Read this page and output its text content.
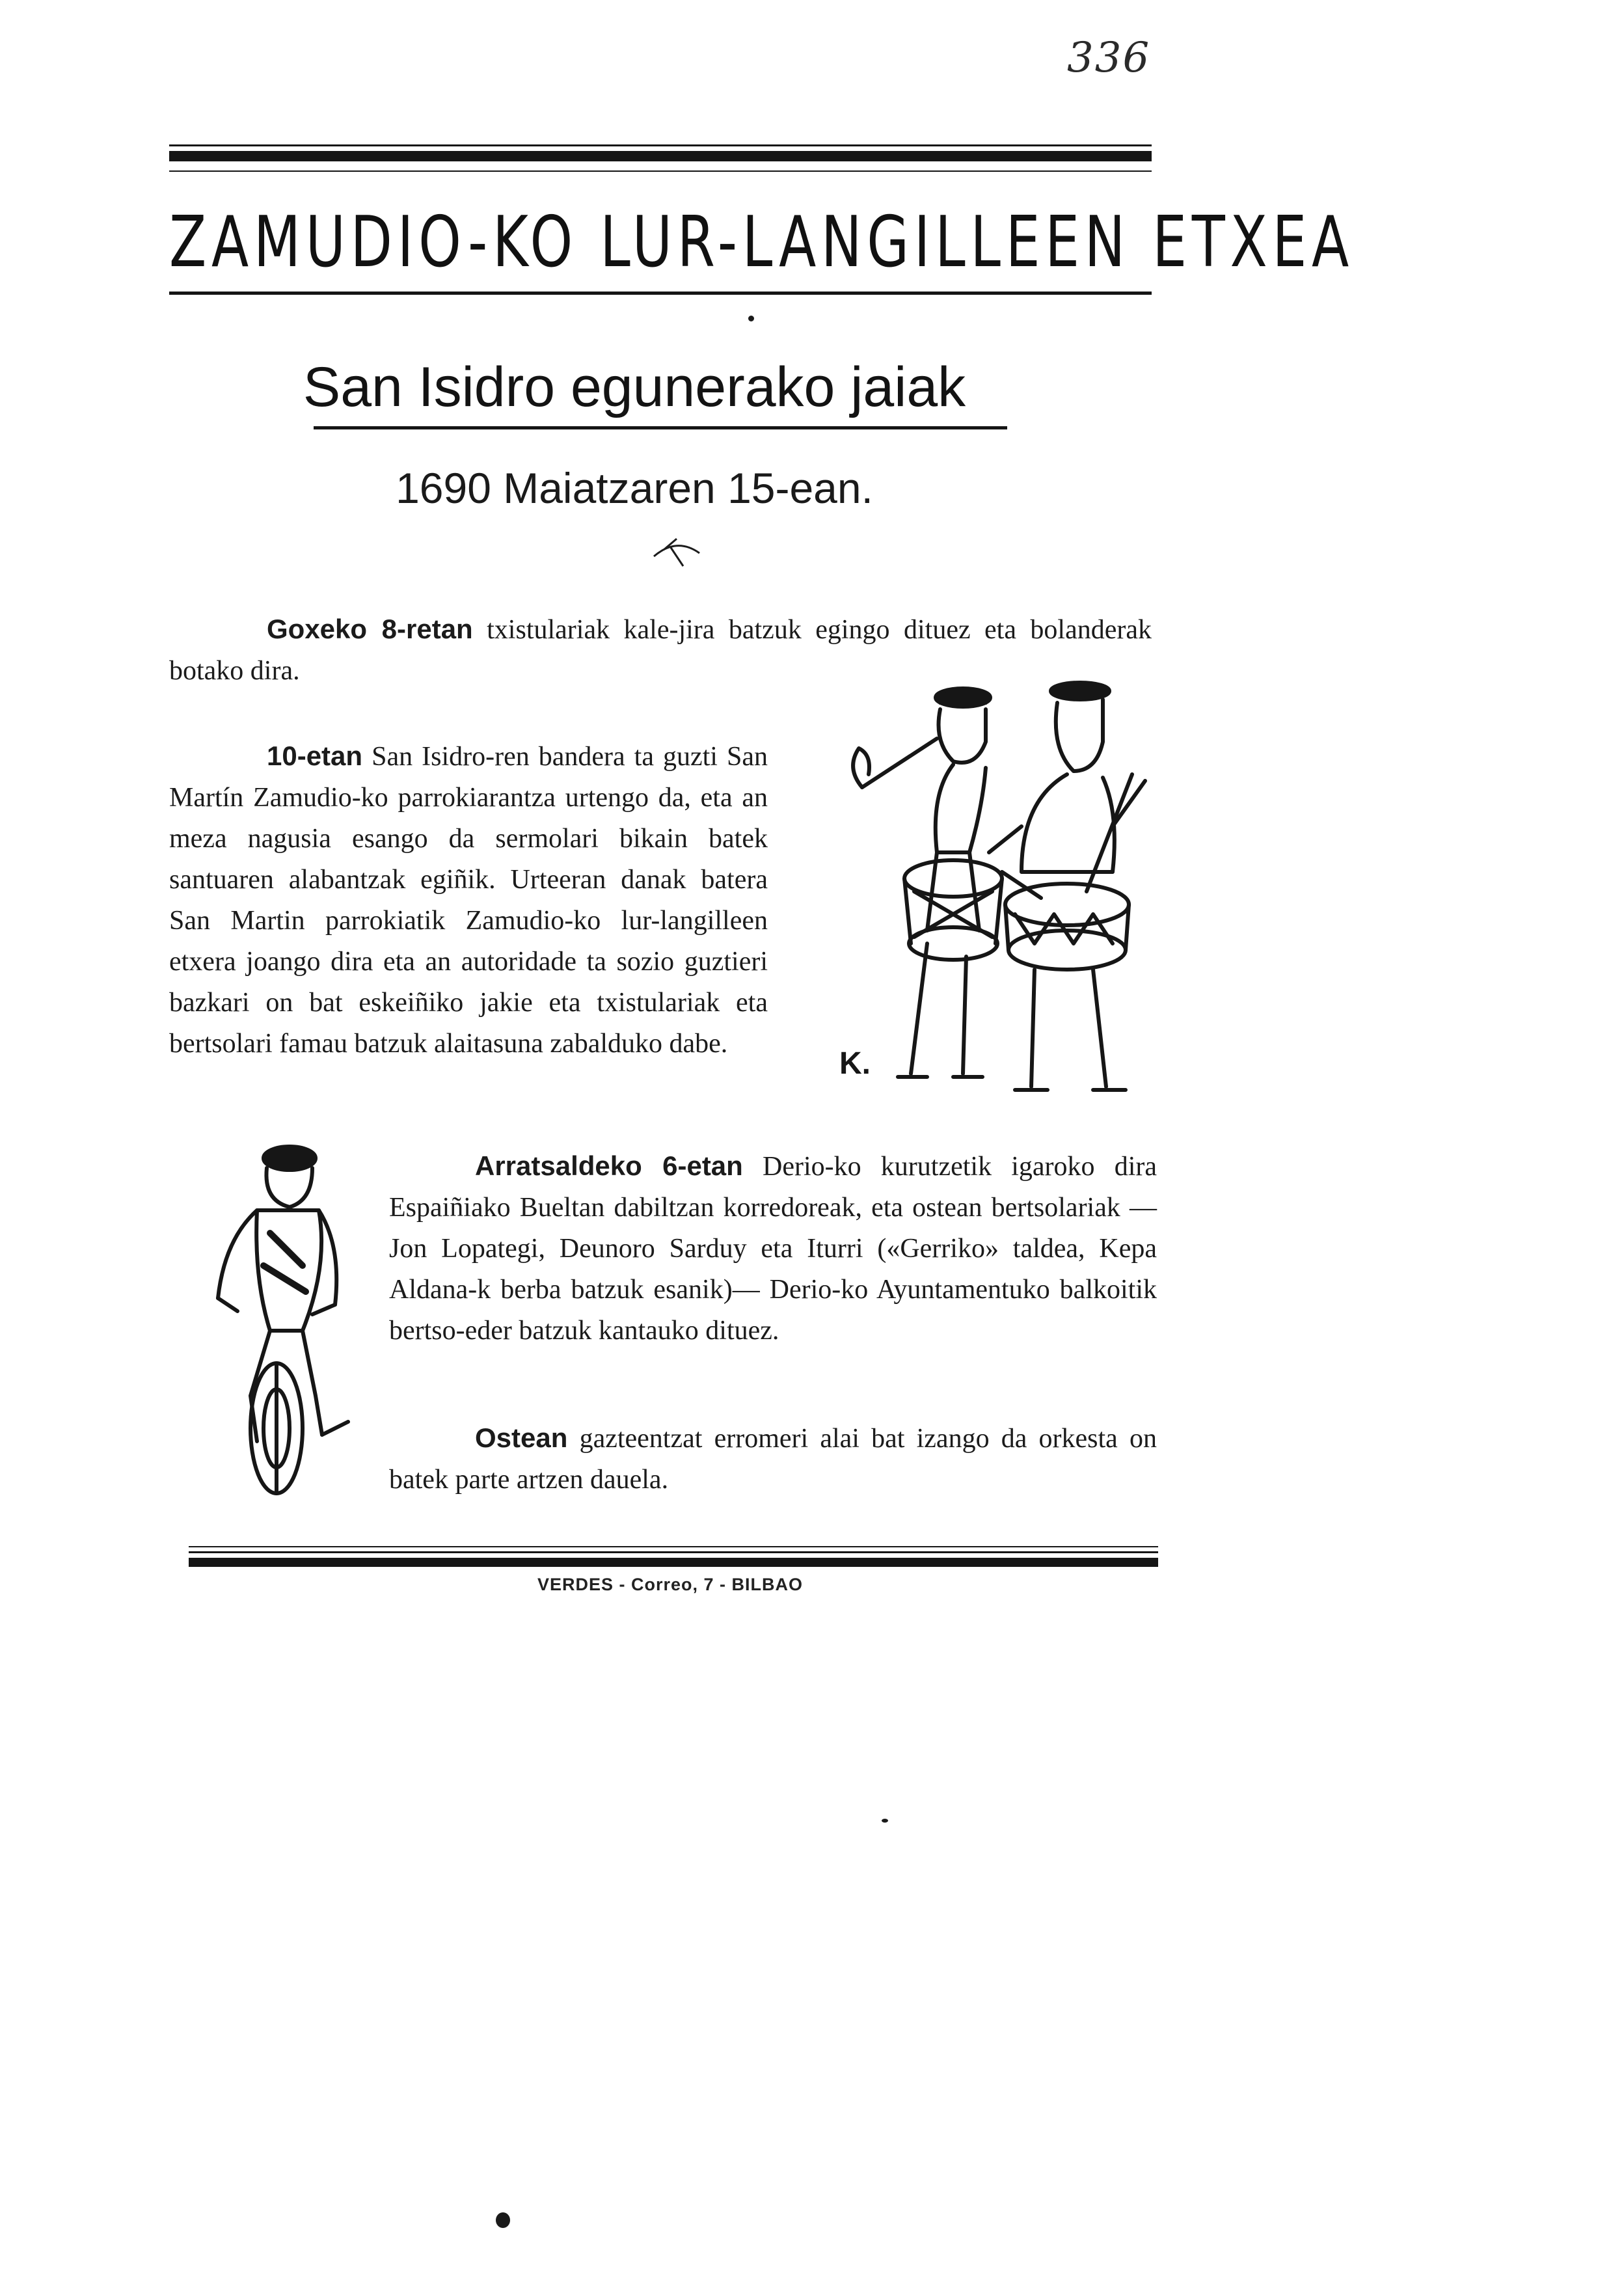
336
ZAMUDIO-KO LUR-LANGILLEEN ETXEA
San Isidro egunerako jaiak
1690 Maiatzaren 15-ean.
Goxeko 8-retan txistulariak kale-jira batzuk egingo dituez eta bolanderak botako dira.
10-etan San Isidro-ren bandera ta guzti San Martín Zamudio-ko parrokiarantza urtengo da, eta an meza nagusia esango da sermolari bikain batek santuaren alabantzak egiñik. Urteeran danak batera San Martin parrokiatik Zamudio-ko lur-langilleen etxera joango dira eta an autoridade ta sozio guztieri bazkari on bat eskeiñiko jakie eta txistulariak eta bertsolari famau batzuk alaitasuna zabalduko dabe.
K.
Arratsaldeko 6-etan Derio-ko kurutzetik igaroko dira Espaiñiako Bueltan dabiltzan korredoreak, eta ostean bertsolariak —Jon Lopategi, Deunoro Sarduy eta Iturri («Gerriko» taldea, Kepa Aldana-k berba batzuk esanik)— Derio-ko Ayuntamentuko balkoitik bertso-eder batzuk kantauko dituez.
Ostean gazteentzat erromeri alai bat izango da orkesta on batek parte artzen dauela.
VERDES - Correo, 7 - BILBAO
